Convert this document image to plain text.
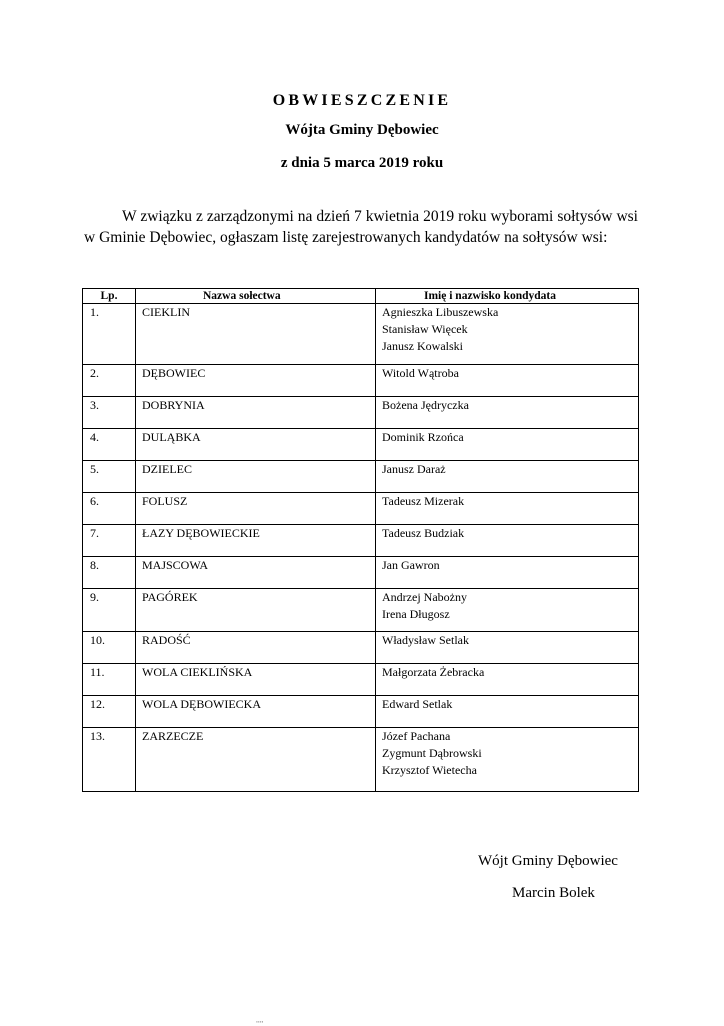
OBWIESZCZENIE
Wójta Gminy Dębowiec
z dnia 5 marca 2019 roku
W związku z zarządzonymi na dzień 7 kwietnia 2019 roku wyborami sołtysów wsi w Gminie Dębowiec, ogłaszam listę zarejestrowanych kandydatów na sołtysów wsi:
Lp.	Nazwa sołectwa	Imię i nazwisko kondydata
1.	CIEKLIN	Agnieszka Libuszewska
Stanisław Więcek
Janusz Kowalski

2.	DĘBOWIEC	Witold Wątroba

3.	DOBRYNIA	Bożena Jędryczka

4.	DULĄBKA	Dominik Rzońca

5.	DZIELEC	Janusz Daraż

6.	FOLUSZ	Tadeusz Mizerak

7.	ŁAZY DĘBOWIECKIE	Tadeusz Budziak

8.	MAJSCOWA	Jan Gawron

9.	PAGÓREK	Andrzej Nabożny
Irena Długosz

10.	RADOŚĆ	Władysław Setlak

11.	WOLA CIEKLIŃSKA	Małgorzata Żebracka

12.	WOLA DĘBOWIECKA	Edward Setlak

13.	ZARZECZE	Józef Pachana
Zygmunt Dąbrowski
Krzysztof Wietecha
Wójt Gminy Dębowiec
Marcin Bolek
ꞏꞏꞏꞏ
